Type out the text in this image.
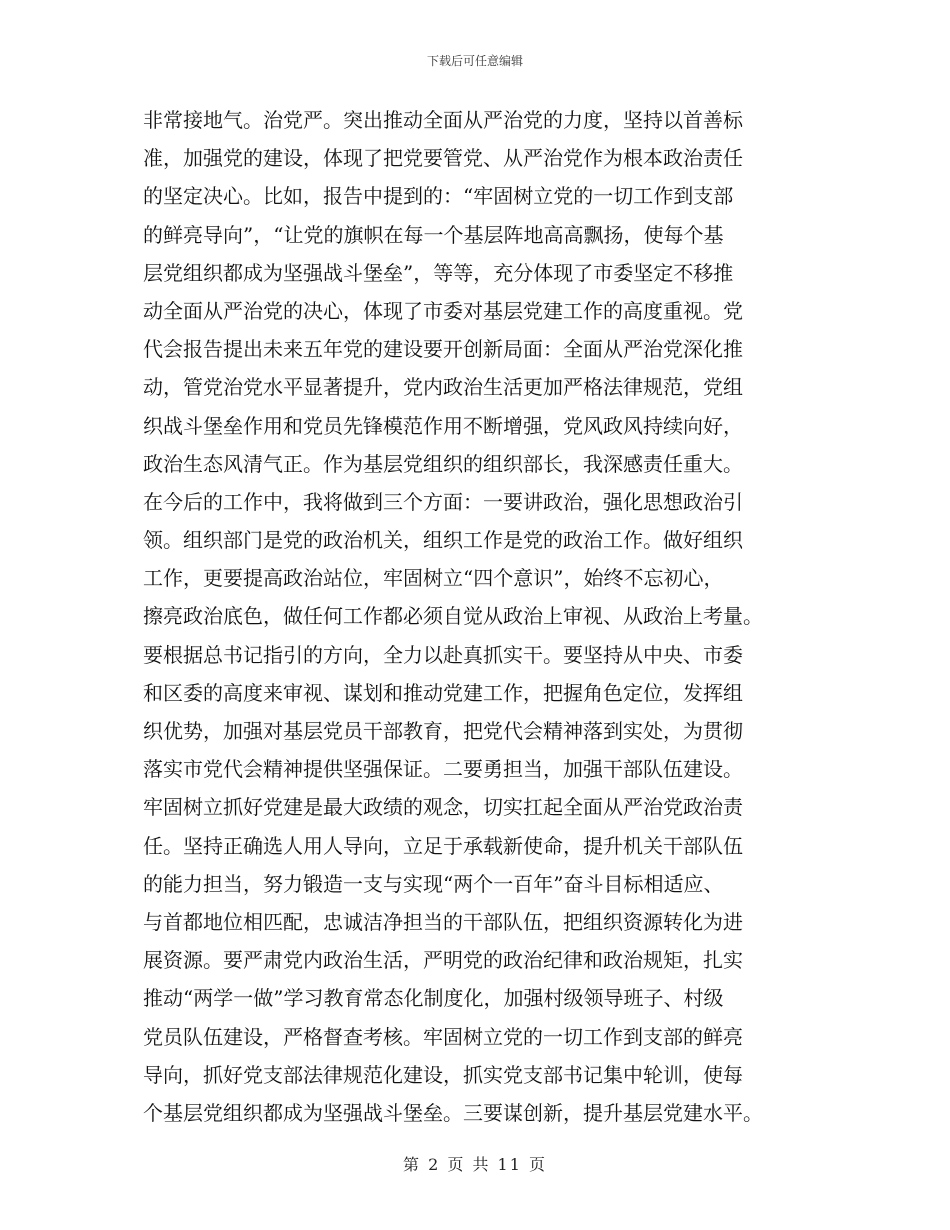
下载后可任意编辑
非常接地气。治党严。突出推动全面从严治党的力度，坚持以首善标
准，加强党的建设，体现了把党要管党、从严治党作为根本政治责任
的坚定决心。比如，报告中提到的：“牢固树立党的一切工作到支部
的鲜亮导向”，“让党的旗帜在每一个基层阵地高高飘扬，使每个基
层党组织都成为坚强战斗堡垒”，等等，充分体现了市委坚定不移推
动全面从严治党的决心，体现了市委对基层党建工作的高度重视。党
代会报告提出未来五年党的建设要开创新局面：全面从严治党深化推
动，管党治党水平显著提升，党内政治生活更加严格法律规范，党组
织战斗堡垒作用和党员先锋模范作用不断增强，党风政风持续向好，
政治生态风清气正。作为基层党组织的组织部长，我深感责任重大。
在今后的工作中，我将做到三个方面：一要讲政治，强化思想政治引
领。组织部门是党的政治机关，组织工作是党的政治工作。做好组织
工作，更要提高政治站位，牢固树立“四个意识”，始终不忘初心，
擦亮政治底色，做任何工作都必须自觉从政治上审视、从政治上考量。
要根据总书记指引的方向，全力以赴真抓实干。要坚持从中央、市委
和区委的高度来审视、谋划和推动党建工作，把握角色定位，发挥组
织优势，加强对基层党员干部教育，把党代会精神落到实处，为贯彻
落实市党代会精神提供坚强保证。二要勇担当，加强干部队伍建设。
牢固树立抓好党建是最大政绩的观念，切实扛起全面从严治党政治责
任。坚持正确选人用人导向，立足于承载新使命，提升机关干部队伍
的能力担当，努力锻造一支与实现“两个一百年”奋斗目标相适应、
与首都地位相匹配，忠诚洁净担当的干部队伍，把组织资源转化为进
展资源。要严肃党内政治生活，严明党的政治纪律和政治规矩，扎实
推动“两学一做”学习教育常态化制度化，加强村级领导班子、村级
党员队伍建设，严格督查考核。牢固树立党的一切工作到支部的鲜亮
导向，抓好党支部法律规范化建设，抓实党支部书记集中轮训，使每
个基层党组织都成为坚强战斗堡垒。三要谋创新，提升基层党建水平。
第 2 页 共 11 页
